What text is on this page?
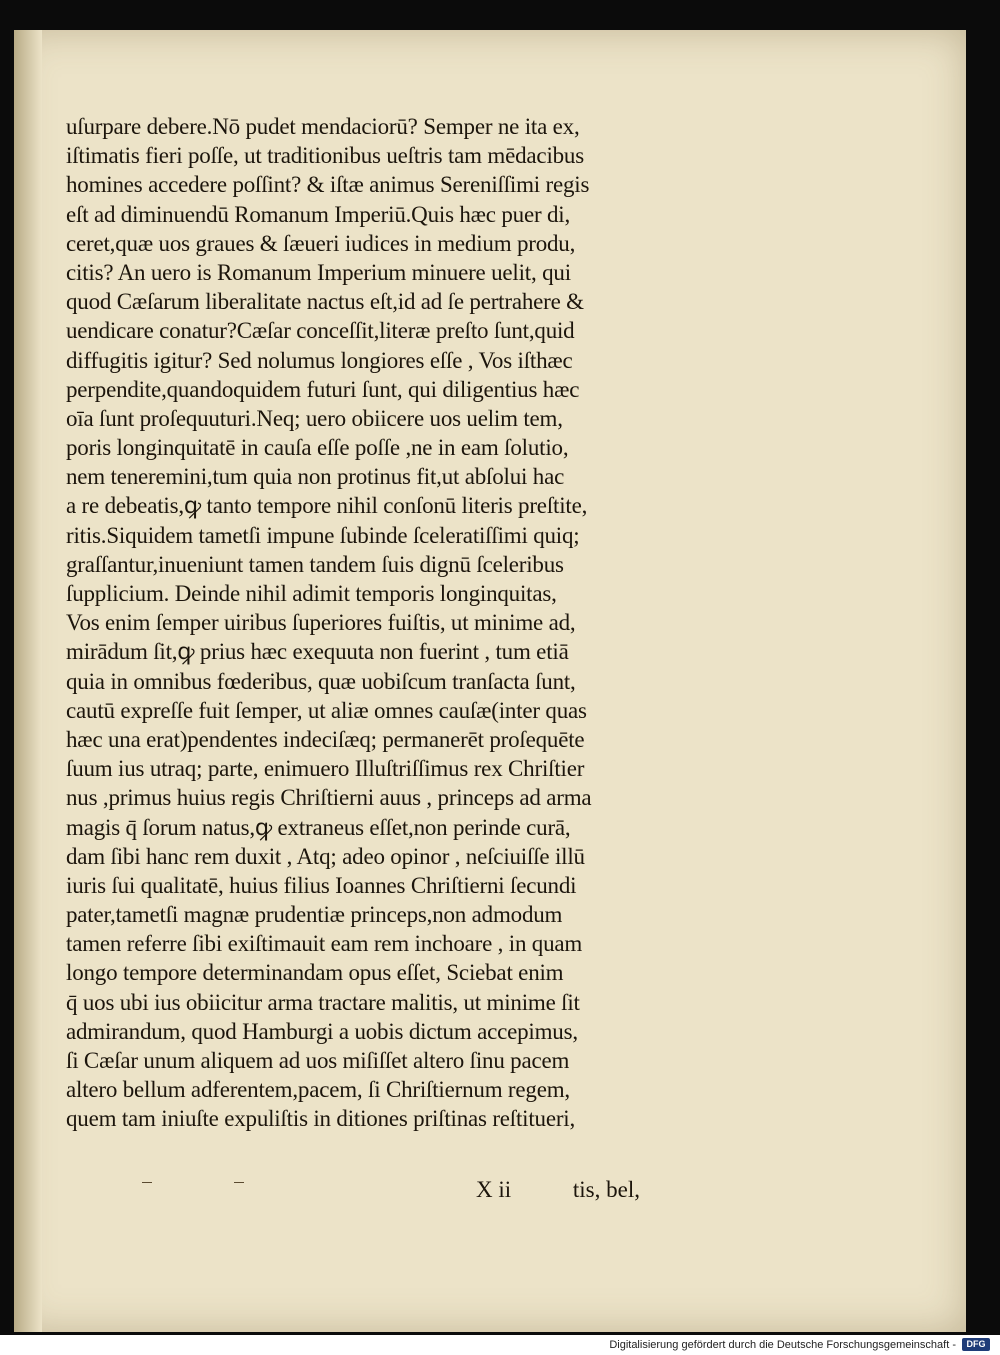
uſurpare debere.Nō pudet mendaciorū? Semper ne ita ex,
iſtimatis fieri poſſe, ut traditionibus ueſtris tam mēdacibus
homines accedere poſſint? & iſtæ animus Sereniſſimi regis
eſt ad diminuendū Romanum Imperiū.Quis hæc puer di,
ceret,quæ uos graues & ſæueri iudices in medium produ,
citis? An uero is Romanum Imperium minuere uelit, qui
quod Cæſarum liberalitate nactus eſt,id ad ſe pertrahere &
uendicare conatur?Cæſar conceſſit,literæ preſto ſunt,quid
diffugitis igitur? Sed nolumus longiores eſſe , Vos iſthæc
perpendite,quandoquidem futuri ſunt, qui diligentius hæc
oīa ſunt proſequuturi.Neq; uero obiicere uos uelim tem,
poris longinquitatē in cauſa eſſe poſſe ,ne in eam ſolutio,
nem teneremini,tum quia non protinus fit,ut abſolui hac
a re debeatis,ꝙ tanto tempore nihil conſonū literis preſtite,
ritis.Siquidem tametſi impune ſubinde ſceleratiſſimi quiq;
graſſantur,inueniunt tamen tandem ſuis dignū ſceleribus
ſupplicium. Deinde nihil adimit temporis longinquitas,
Vos enim ſemper uiribus ſuperiores fuiſtis, ut minime ad,
mirādum ſit,ꝙ prius hæc exequuta non fuerint , tum etiā
quia in omnibus fœderibus, quæ uobiſcum tranſacta ſunt,
cautū expreſſe fuit ſemper, ut aliæ omnes cauſæ(inter quas
hæc una erat)pendentes indeciſæq; permanerēt proſequēte
ſuum ius utraq; parte, enimuero Illuſtriſſimus rex Chriſtier
nus ,primus huius regis Chriſtierni auus , princeps ad arma
magis q̄ ſorum natus,ꝙ extraneus eſſet,non perinde curā,
dam ſibi hanc rem duxit , Atq; adeo opinor , neſciuiſſe illū
iuris ſui qualitatē, huius filius Ioannes Chriſtierni ſecundi
pater,tametſi magnæ prudentiæ princeps,non admodum
tamen referre ſibi exiſtimauit eam rem inchoare , in quam
longo tempore determinandam opus eſſet, Sciebat enim
q̄ uos ubi ius obiicitur arma tractare malitis, ut minime ſit
admirandum, quod Hamburgi a uobis dictum accepimus,
ſi Cæſar unum aliquem ad uos miſiſſet altero ſinu pacem
altero bellum adferentem,pacem, ſi Chriſtiernum regem,
quem tam iniuſte expuliſtis in ditiones priſtinas reſtitueri,
X ii	tis, bel,
Digitalisierung gefördert durch die Deutsche Forschungsgemeinschaft -	DFG
